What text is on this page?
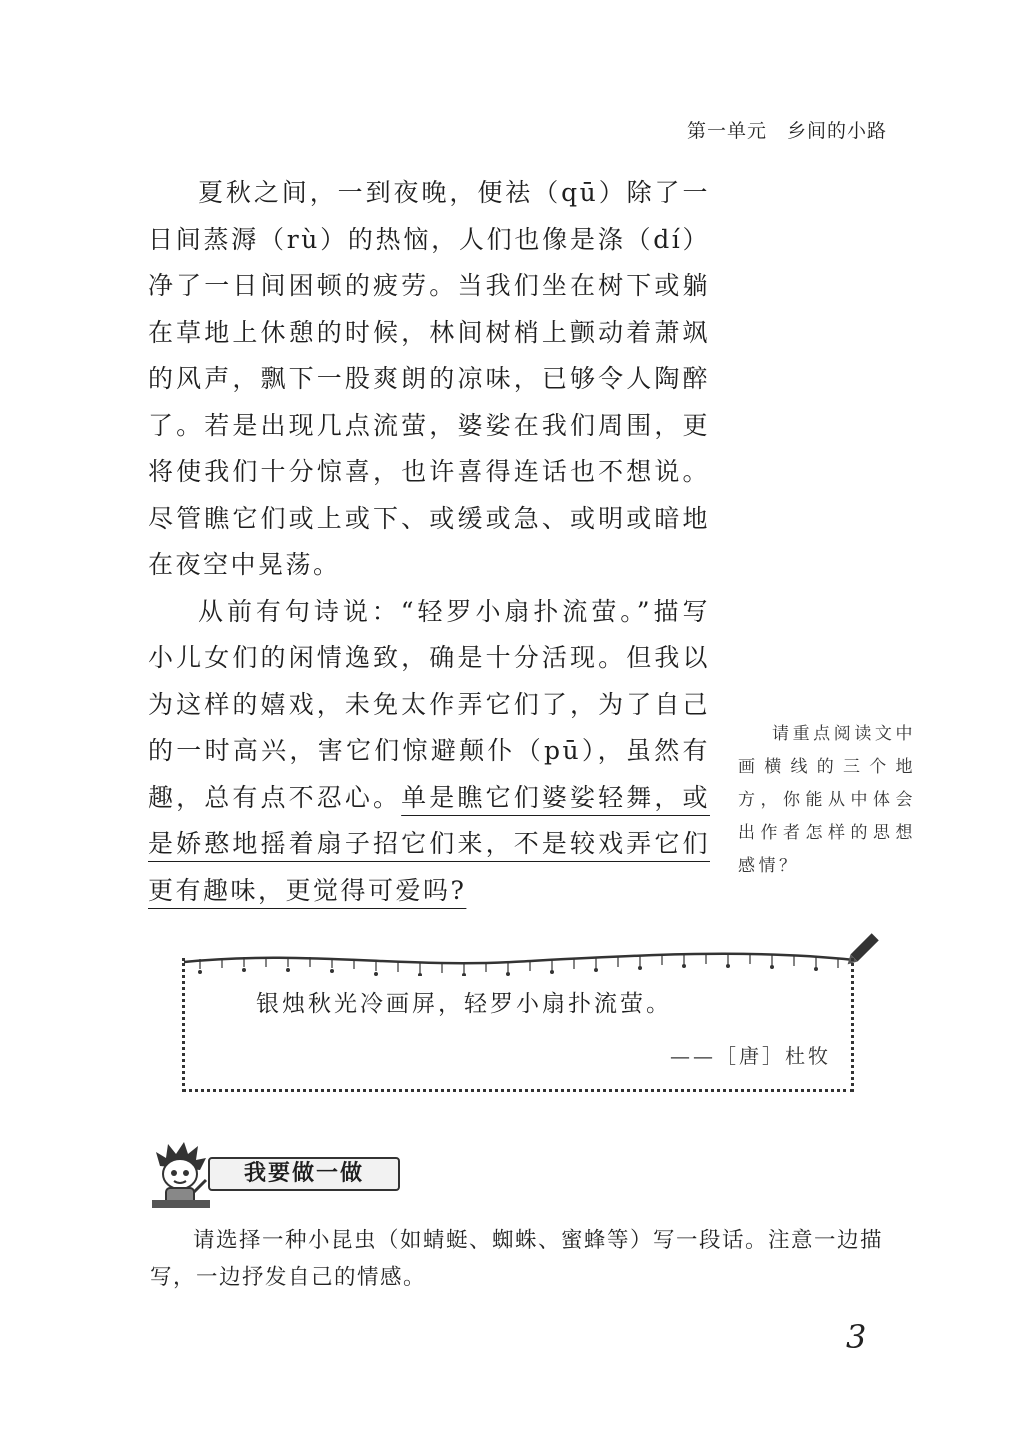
第一单元 乡间的小路

夏秋之间，一到夜晚，便祛（qū）除了一日间蒸溽（rù）的热恼，人们也像是涤（dí）净了一日间困顿的疲劳。当我们坐在树下或躺在草地上休憩的时候，林间树梢上颤动着萧飒的风声，飘下一股爽朗的凉味，已够令人陶醉了。若是出现几点流萤，婆娑在我们周围，更将使我们十分惊喜，也许喜得连话也不想说。尽管瞧它们或上或下、或缓或急、或明或暗地在夜空中晃荡。

从前有句诗说：“轻罗小扇扑流萤。”描写小儿女们的闲情逸致，确是十分活现。但我以为这样的嬉戏，未免太作弄它们了，为了自己的一时高兴，害它们惊避颠仆（pū），虽然有趣，总有点不忍心。单是瞧它们婆娑轻舞，或是娇憨地摇着扇子招它们来，不是较戏弄它们更有趣味，更觉得可爱吗?

请重点阅读文中画横线的三个地方，你能从中体会出作者怎样的思想感情？
银烛秋光冷画屏，轻罗小扇扑流萤。
——［唐］杜牧
我要做一做

请选择一种小昆虫（如蜻蜓、蜘蛛、蜜蜂等）写一段话。注意一边描写，一边抒发自己的情感。

3
